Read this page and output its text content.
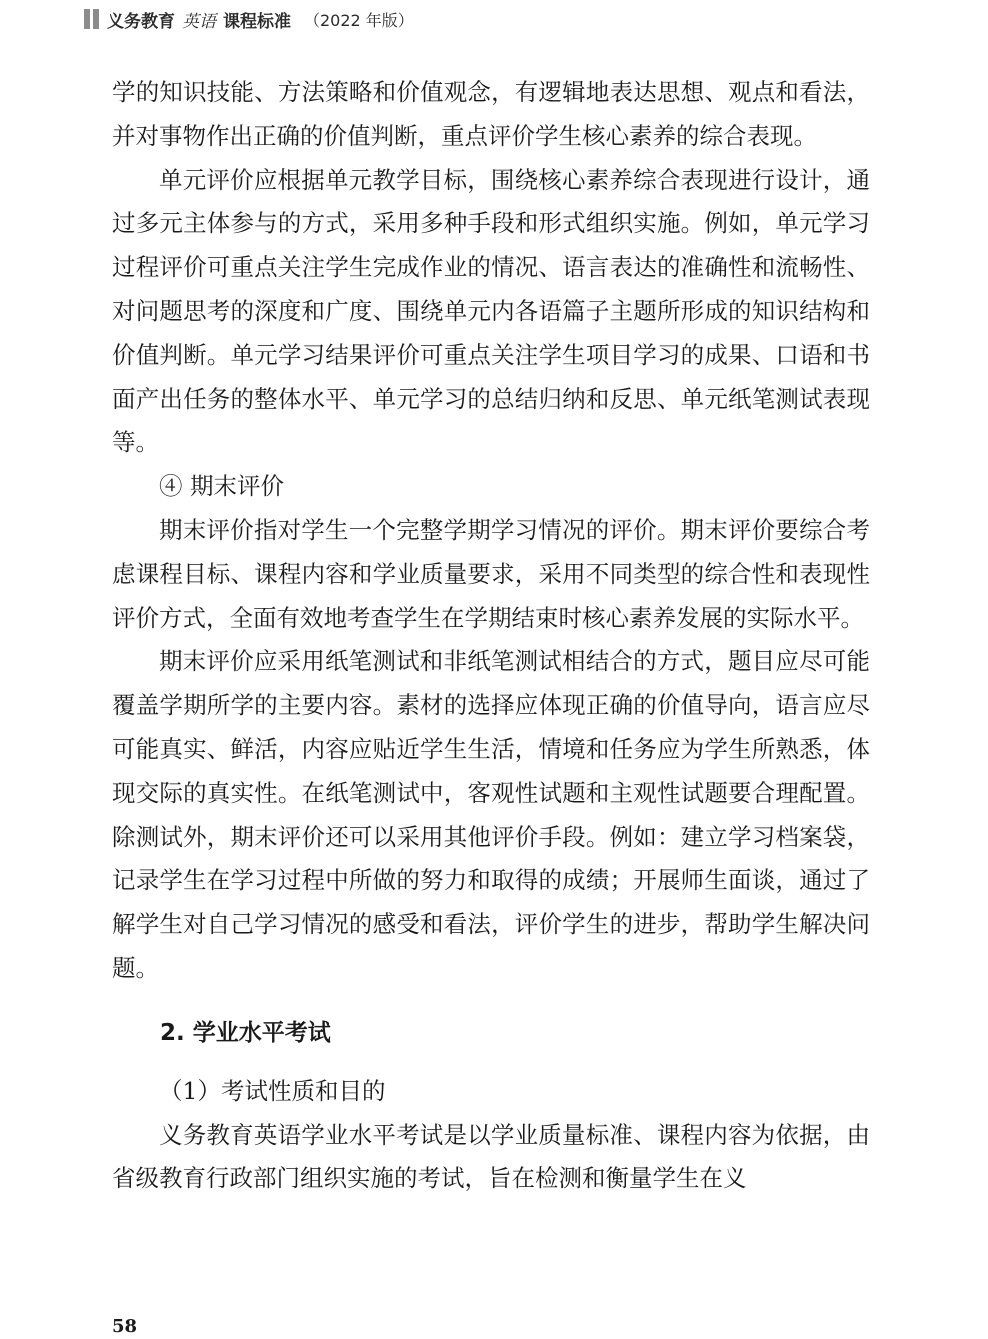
义务教育 英语 课程标准 （2022 年版）

学的知识技能、方法策略和价值观念，有逻辑地表达思想、观点和看法，并对事物作出正确的价值判断，重点评价学生核心素养的综合表现。

单元评价应根据单元教学目标，围绕核心素养综合表现进行设计，通过多元主体参与的方式，采用多种手段和形式组织实施。例如，单元学习过程评价可重点关注学生完成作业的情况、语言表达的准确性和流畅性、对问题思考的深度和广度、围绕单元内各语篇子主题所形成的知识结构和价值判断。单元学习结果评价可重点关注学生项目学习的成果、口语和书面产出任务的整体水平、单元学习的总结归纳和反思、单元纸笔测试表现等。

④ 期末评价

期末评价指对学生一个完整学期学习情况的评价。期末评价要综合考虑课程目标、课程内容和学业质量要求，采用不同类型的综合性和表现性评价方式，全面有效地考查学生在学期结束时核心素养发展的实际水平。

期末评价应采用纸笔测试和非纸笔测试相结合的方式，题目应尽可能覆盖学期所学的主要内容。素材的选择应体现正确的价值导向，语言应尽可能真实、鲜活，内容应贴近学生生活，情境和任务应为学生所熟悉，体现交际的真实性。在纸笔测试中，客观性试题和主观性试题要合理配置。除测试外，期末评价还可以采用其他评价手段。例如：建立学习档案袋，记录学生在学习过程中所做的努力和取得的成绩；开展师生面谈，通过了解学生对自己学习情况的感受和看法，评价学生的进步，帮助学生解决问题。

2. 学业水平考试

（1）考试性质和目的

义务教育英语学业水平考试是以学业质量标准、课程内容为依据，由省级教育行政部门组织实施的考试，旨在检测和衡量学生在义

58
